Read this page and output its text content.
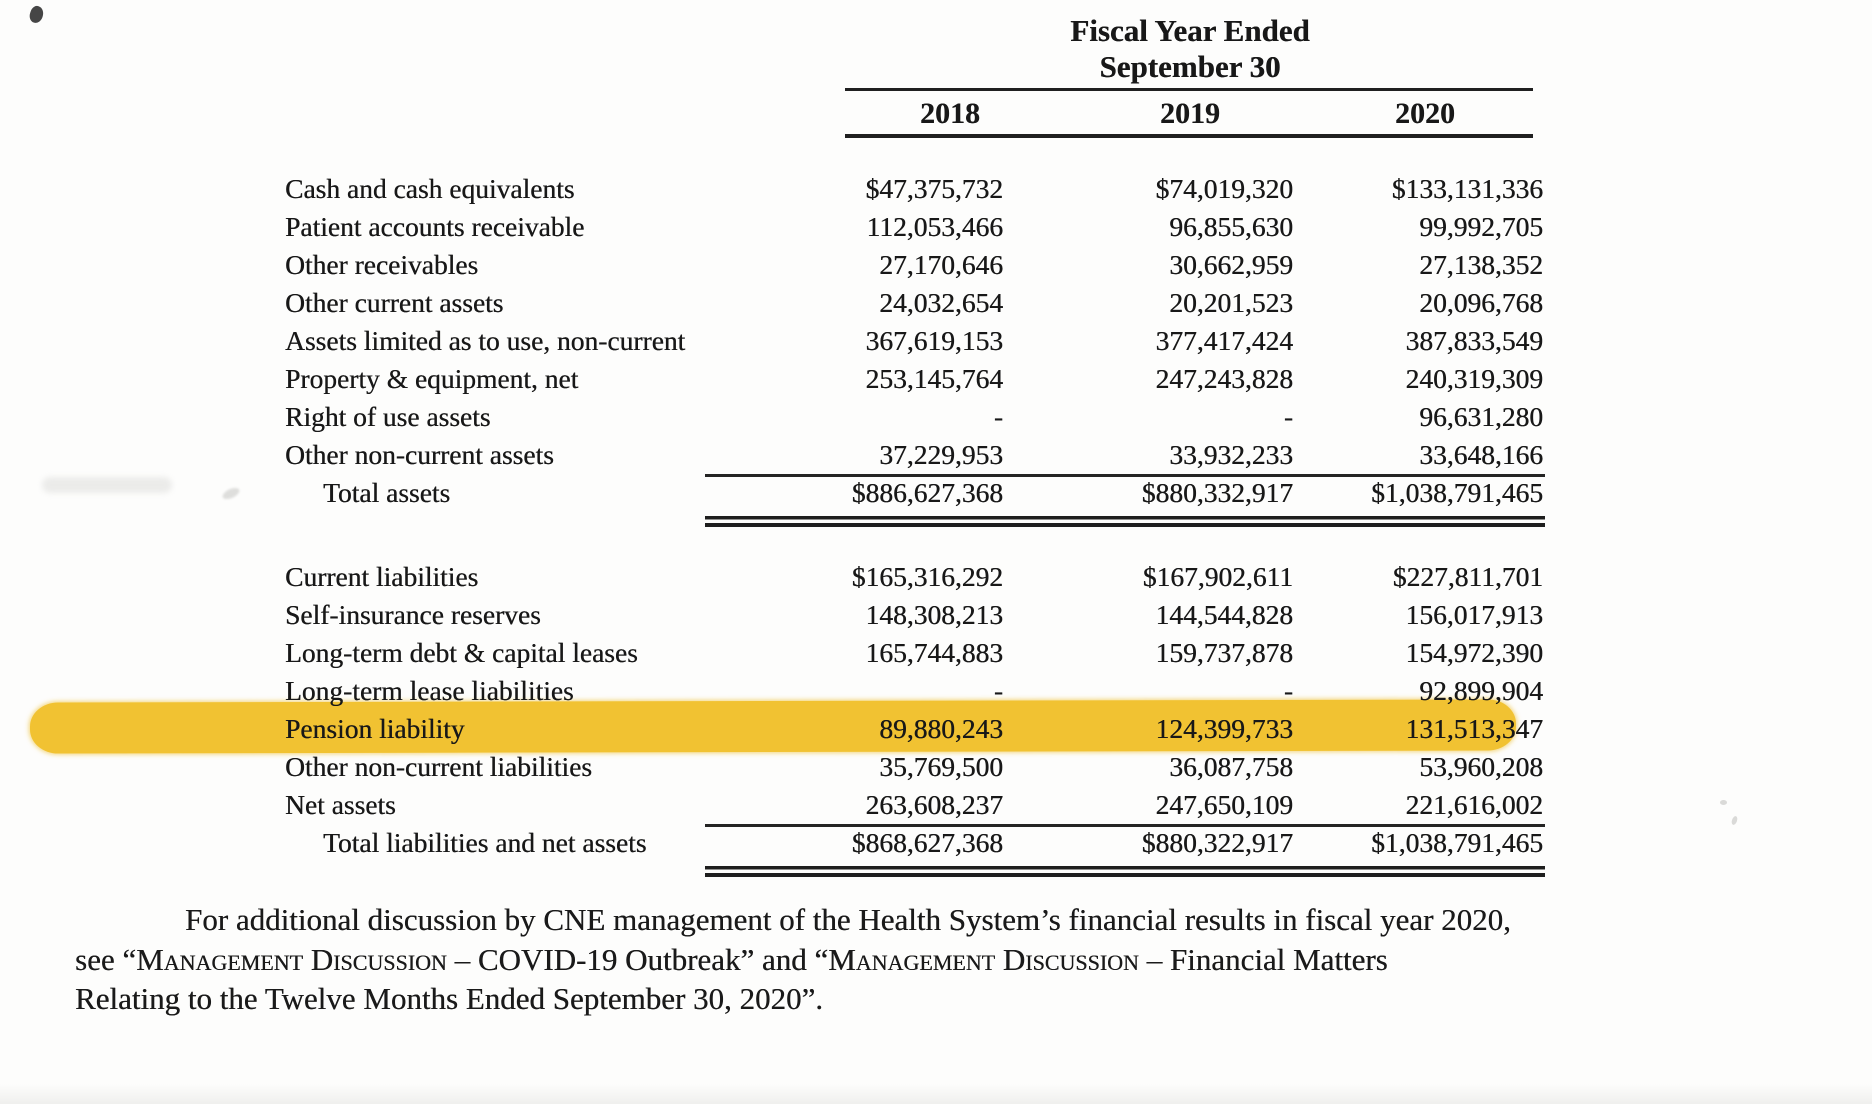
Fiscal Year Ended
September 30
2018	2019	2020
Cash and cash equivalents	$47,375,732	$74,019,320	$133,131,336
Patient accounts receivable	112,053,466	96,855,630	99,992,705
Other receivables	27,170,646	30,662,959	27,138,352
Other current assets	24,032,654	20,201,523	20,096,768
Assets limited as to use, non-current	367,619,153	377,417,424	387,833,549
Property & equipment, net	253,145,764	247,243,828	240,319,309
Right of use assets	-	-	96,631,280
Other non-current assets	37,229,953	33,932,233	33,648,166
Total assets	$886,627,368	$880,332,917	$1,038,791,465
Current liabilities	$165,316,292	$167,902,611	$227,811,701
Self-insurance reserves	148,308,213	144,544,828	156,017,913
Long-term debt & capital leases	165,744,883	159,737,878	154,972,390
Long-term lease liabilities	-	-	92,899,904
Pension liability	89,880,243	124,399,733	131,513,347
Other non-current liabilities	35,769,500	36,087,758	53,960,208
Net assets	263,608,237	247,650,109	221,616,002
Total liabilities and net assets	$868,627,368	$880,322,917	$1,038,791,465
For additional discussion by CNE management of the Health System’s financial results in fiscal year 2020,
see “Management Discussion – COVID-19 Outbreak” and “Management Discussion – Financial Matters
Relating to the Twelve Months Ended September 30, 2020”.
